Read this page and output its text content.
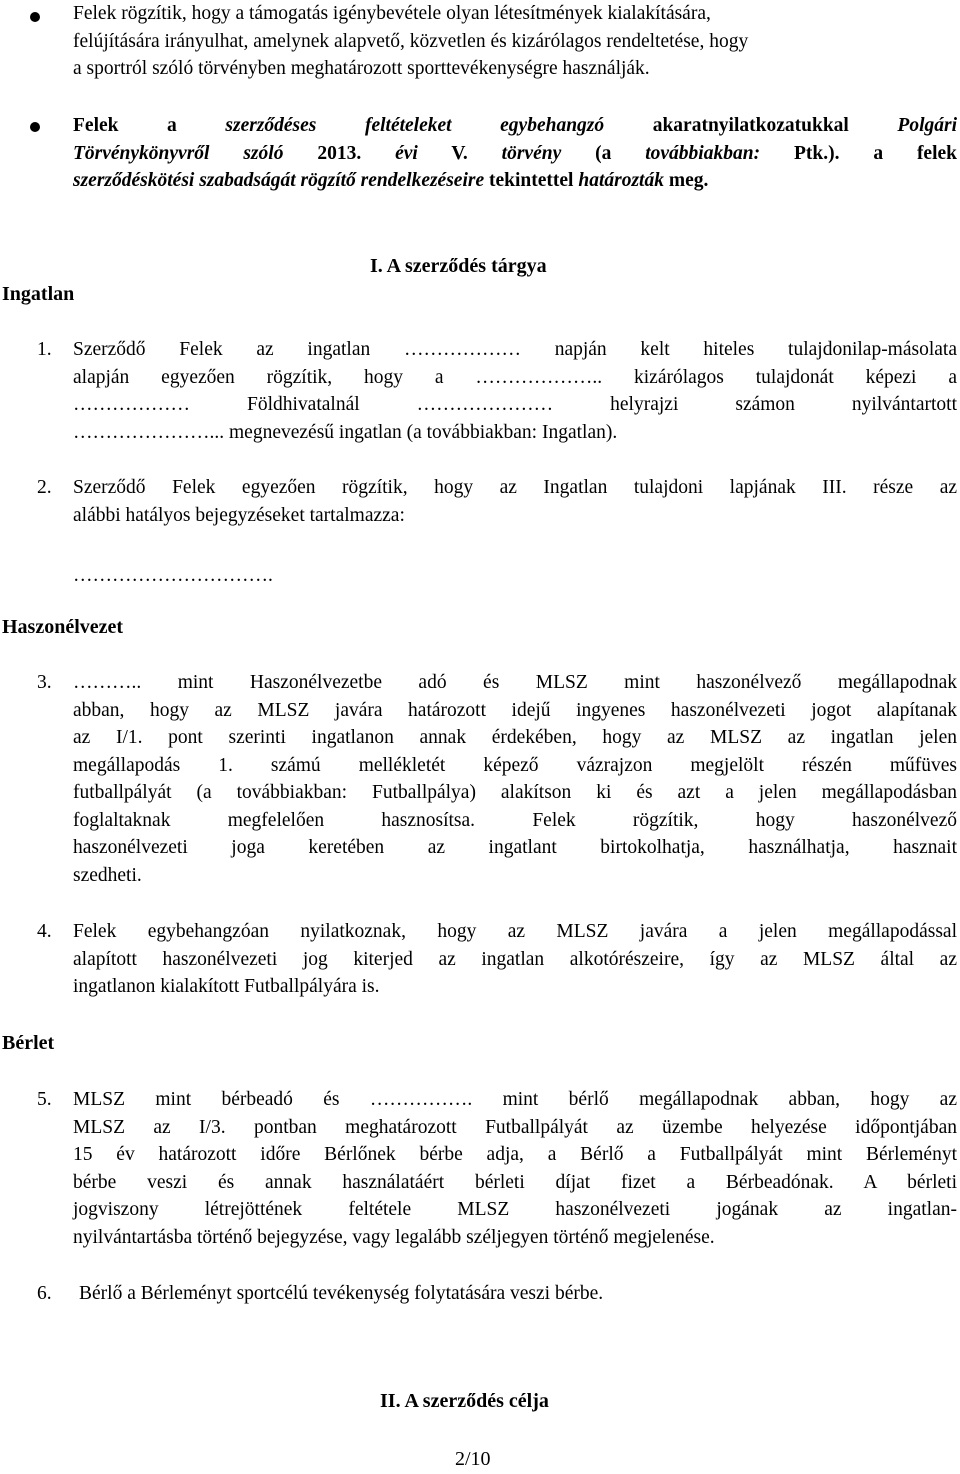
Felek rögzítik, hogy a támogatás igénybevétele olyan létesítmények kialakítására,
felújítására irányulhat, amelynek alapvető, közvetlen és kizárólagos rendeltetése, hogy
a sportról szóló törvényben meghatározott sporttevékenységre használják.
Felek a szerződéses feltételeket egybehangzó akaratnyilatkozatukkal Polgári
Törvénykönyvről szóló 2013. évi V. törvény (a továbbiakban: Ptk.). a felek
szerződéskötési szabadságát rögzítő rendelkezéseire tekintettel határozták meg.
I. A szerződés tárgya
Ingatlan
1. Szerződő Felek az ingatlan ……………… napján kelt hiteles tulajdonilap-másolata
alapján egyezően rögzítik, hogy a ……………….. kizárólagos tulajdonát képezi a
……………… Földhivatalnál ………………… helyrajzi számon nyilvántartott
…………………... megnevezésű ingatlan (a továbbiakban: Ingatlan).
2. Szerződő Felek egyezően rögzítik, hogy az Ingatlan tulajdoni lapjának III. része az
alábbi hatályos bejegyzéseket tartalmazza:
………………………….
Haszonélvezet
3. ……….. mint Haszonélvezetbe adó és MLSZ mint haszonélvező megállapodnak
abban, hogy az MLSZ javára határozott idejű ingyenes haszonélvezeti jogot alapítanak
az I/1. pont szerinti ingatlanon annak érdekében, hogy az MLSZ az ingatlan jelen
megállapodás 1. számú mellékletét képező vázrajzon megjelölt részén műfüves
futballpályát (a továbbiakban: Futballpálya) alakítson ki és azt a jelen megállapodásban
foglaltaknak megfelelően hasznosítsa. Felek rögzítik, hogy haszonélvező
haszonélvezeti joga keretében az ingatlant birtokolhatja, használhatja, hasznait
szedheti.
4. Felek egybehangzóan nyilatkoznak, hogy az MLSZ javára a jelen megállapodással
alapított haszonélvezeti jog kiterjed az ingatlan alkotórészeire, így az MLSZ által az
ingatlanon kialakított Futballpályára is.
Bérlet
5. MLSZ mint bérbeadó és ……………. mint bérlő megállapodnak abban, hogy az
MLSZ az I/3. pontban meghatározott Futballpályát az üzembe helyezése időpontjában
15 év határozott időre Bérlőnek bérbe adja, a Bérlő a Futballpályát mint Bérleményt
bérbe veszi és annak használatáért bérleti díjat fizet a Bérbeadónak. A bérleti
jogviszony létrejöttének feltétele MLSZ haszonélvezeti jogának az ingatlan-
nyilvántartásba történő bejegyzése, vagy legalább széljegyen történő megjelenése.
6. Bérlő a Bérleményt sportcélú tevékenység folytatására veszi bérbe.
II. A szerződés célja
2/10
